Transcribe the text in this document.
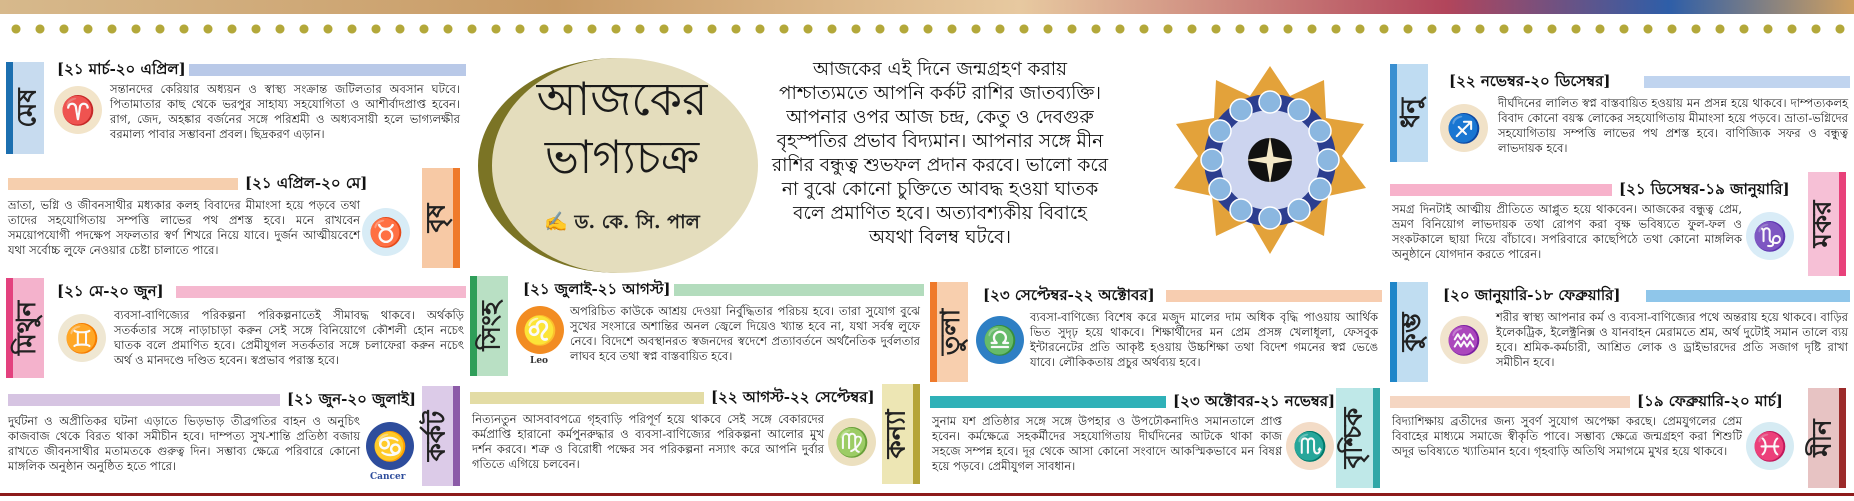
মেষ
[২১ মার্চ-২০ এপ্রিল]
♈
সন্তানদের কেরিয়ার অধ্যয়ন ও স্বাস্থ্য সংক্রান্ত জটিলতার অবসান ঘটবে। পিতামাতার কাছ থেকে ভরপুর সাহায্য সহযোগিতা ও আশীর্বাদপ্রাপ্ত হবেন। রাগ, জেদ, অহঙ্কার বর্জনের সঙ্গে পরিশ্রমী ও অধ্যবসায়ী হলে ভাগ্যলক্ষীর বরমাল্য পাবার সম্ভাবনা প্রবল। ছিদ্রকরণ এড়ান।
[২১ এপ্রিল-২০ মে]
ভ্রাতা, ভগ্নি ও জীবনসাথীর মধ্যকার কলহ বিবাদের মীমাংসা হয়ে পড়বে তথা তাদের সহযোগিতায় সম্পত্তি লাভের পথ প্রশস্ত হবে। মনে রাখবেন সময়োপযোগী পদক্ষেপ সফলতার স্বর্ণ শিখরে নিয়ে যাবে। দুর্জন আত্মীয়বেশে যথা সর্বোচ্চ লুফে নেওয়ার চেষ্টা চালাতে পারে।
♉ বৃষ
মিথুন
[২১ মে-২০ জুন]
♊
ব্যবসা-বাণিজ্যের পরিকল্পনা পরিকল্পনাতেই সীমাবদ্ধ থাকবে। অর্থকড়ি সতর্কতার সঙ্গে নাড়াচাড়া করুন সেই সঙ্গে বিনিয়োগে কৌশলী হোন নচেৎ ঘাতক বলে প্রমাণিত হবে। প্রেমীযুগল সতর্কতার সঙ্গে চলাফেরা করুন নচেৎ অর্থ ও মানদণ্ডে দণ্ডিত হবেন। স্বপ্রভাব পরাস্ত হবে।
[২১ জুন-২০ জুলাই]
দুর্ঘটনা ও অপ্রীতিকর ঘটনা এড়াতে ভিড়ভাড় তীব্রগতির বাহন ও অনুচিৎ কাজবাজ থেকে বিরত থাকা সমীচীন হবে। দাম্পত্য সুখ-শান্তি প্রতিষ্ঠা বজায় রাখতে জীবনসাথীর মতামতকে গুরুত্ব দিন। সম্ভাব্য ক্ষেত্রে পরিবারে কোনো মাঙ্গলিক অনুষ্ঠান অনুষ্ঠিত হতে পারে।
♋
Cancer
কর্কট
আজকের
ভাগ্যচক্র
✍ ড. কে. সি. পাল
আজকের এই দিনে জন্মগ্রহণ করায় পাশ্চাত্যমতে আপনি কর্কট রাশির জাতব্যক্তি। আপনার ওপর আজ চন্দ্র, কেতু ও দেবগুরু বৃহস্পতির প্রভাব বিদ্যমান। আপনার সঙ্গে মীন রাশির বন্ধুত্ব শুভফল প্রদান করবে। ভালো করে না বুঝে কোনো চুক্তিতে আবদ্ধ হওয়া ঘাতক বলে প্রমাণিত হবে। অত্যাবশ্যকীয় বিবাহে অযথা বিলম্ব ঘটবে।
সিংহ
[২১ জুলাই-২১ আগস্ট]
♌
Leo
অপরিচিত কাউকে আশ্রয় দেওয়া নির্বুদ্ধিতার পরিচয় হবে। তারা সুযোগ বুঝে সুখের সংসারে অশান্তির অনল জ্বেলে দিয়েও খ্যান্ত হবে না, যথা সর্বস্ব লুফে নেবে। বিদেশে অবস্থানরত স্বজনদের স্বদেশে প্রত্যাবর্তনে অর্থনৈতিক দুর্বলতার লাঘব হবে তথা স্বপ্ন বাস্তবায়িত হবে।
[২২ আগস্ট-২২ সেপ্টেম্বর]
নিত্যনতুন আসবাবপত্রে গৃহবাড়ি পরিপূর্ণ হয়ে থাকবে সেই সঙ্গে বেকারদের কর্মপ্রাপ্তি হারানো কর্মপুনরুদ্ধার ও ব্যবসা-বাণিজ্যের পরিকল্পনা আলোর মুখ দর্শন করবে। শত্রু ও বিরোধী পক্ষের সব পরিকল্পনা নস্যাৎ করে আপনি দুর্বার গতিতে এগিয়ে চলবেন।
♍ কন্যা
তুলা
[২৩ সেপ্টেম্বর-২২ অক্টোবর]
♎
ব্যবসা-বাণিজ্যে বিশেষ করে মজুদ মালের দাম অধিক বৃদ্ধি পাওয়ায় আর্থিক ভিত সুদৃঢ় হয়ে থাকবে। শিক্ষার্থীদের মন প্রেম প্রসঙ্গ খেলাধূলা, ফেসবুক ইন্টারনেটের প্রতি আকৃষ্ট হওয়ায় উচ্চশিক্ষা তথা বিদেশ গমনের স্বপ্ন ভেঙে যাবে। লৌকিকতায় প্রচুর অর্থব্যয় হবে।
[২৩ অক্টোবর-২১ নভেম্বর]
সুনাম যশ প্রতিষ্ঠার সঙ্গে সঙ্গে উপহার ও উপঢৌকনাদিও সমানতালে প্রাপ্ত হবেন। কর্মক্ষেত্রে সহকর্মীদের সহযোগিতায় দীর্ঘদিনের আটকে থাকা কাজ সহজে সম্পন্ন হবে। দূর থেকে আসা কোনো সংবাদে আকস্মিকভাবে মন বিষণ্ণ হয়ে পড়বে। প্রেমীযুগল সাবধান।
♏ বৃশ্চিক
ধনু
[২২ নভেম্বর-২০ ডিসেম্বর]
♐
দীর্ঘদিনের লালিত স্বপ্ন বাস্তবায়িত হওয়ায় মন প্রসন্ন হয়ে থাকবে। দাম্পত্যকলহ বিবাদ কোনো বয়স্ক লোকের সহযোগিতায় মীমাংসা হয়ে পড়বে। ভ্রাতা-ভগ্নিদের সহযোগিতায় সম্পত্তি লাভের পথ প্রশস্ত হবে। বাণিজ্যিক সফর ও বন্ধুত্ব লাভদায়ক হবে।
[২১ ডিসেম্বর-১৯ জানুয়ারি]
সমগ্র দিনটাই আত্মীয় প্রীতিতে আপ্লুত হয়ে থাকবেন। আজকের বন্ধুত্ব প্রেম, ভ্রমণ বিনিয়োগ লাভদায়ক তথা রোপণ করা বৃক্ষ ভবিষ্যতে ফুল-ফল ও সংকটকালে ছায়া দিয়ে বাঁচাবে। সপরিবারে কাছেপিঠে তথা কোনো মাঙ্গলিক অনুষ্ঠানে যোগদান করতে পারেন।
♑ মকর
কুম্ভ
[২০ জানুয়ারি-১৮ ফেব্রুয়ারি]
♒
শরীর স্বাস্থ্য আপনার কর্ম ও ব্যবসা-বাণিজ্যের পথে অন্তরায় হয়ে থাকবে। বাড়ির ইলেকট্রিক, ইলেক্ট্রনিক্স ও যানবাহন মেরামতে শ্রম, অর্থ দুটোই সমান তালে ব্যয় হবে। শ্রমিক-কর্মচারী, আশ্রিত লোক ও ড্রাইভারদের প্রতি সজাগ দৃষ্টি রাখা সমীচীন হবে।
[১৯ ফেব্রুয়ারি-২০ মার্চ]
বিদ্যাশিক্ষায় ব্রতীদের জন্য সুবর্ণ সুযোগ অপেক্ষা করছে। প্রেমযুগলের প্রেম বিবাহের মাধ্যমে সমাজে স্বীকৃতি পাবে। সম্ভাব্য ক্ষেত্রে জন্মগ্রহণ করা শিশুটি অদূর ভবিষ্যতে খ্যাতিমান হবে। গৃহবাড়ি অতিথি সমাগমে মুখর হয়ে থাকবে। ♓ মীন
